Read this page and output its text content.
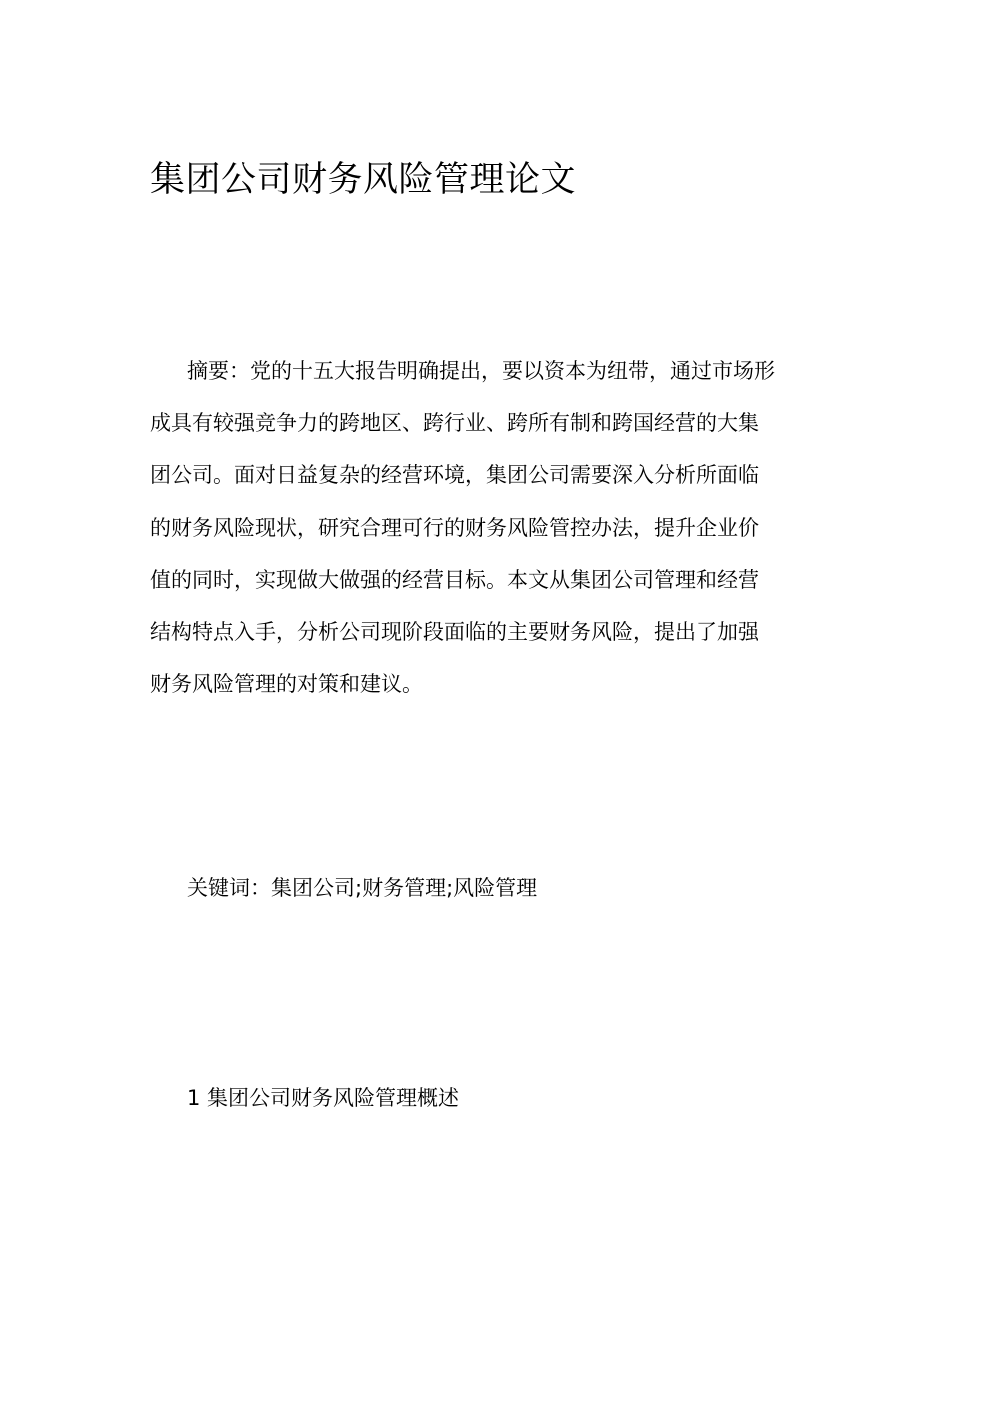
集团公司财务风险管理论文
摘要：党的十五大报告明确提出，要以资本为纽带，通过市场形
成具有较强竞争力的跨地区、跨行业、跨所有制和跨国经营的大集
团公司。面对日益复杂的经营环境，集团公司需要深入分析所面临
的财务风险现状，研究合理可行的财务风险管控办法，提升企业价
值的同时，实现做大做强的经营目标。本文从集团公司管理和经营
结构特点入手，分析公司现阶段面临的主要财务风险，提出了加强
财务风险管理的对策和建议。

关键词：集团公司;财务管理;风险管理

1 集团公司财务风险管理概述
